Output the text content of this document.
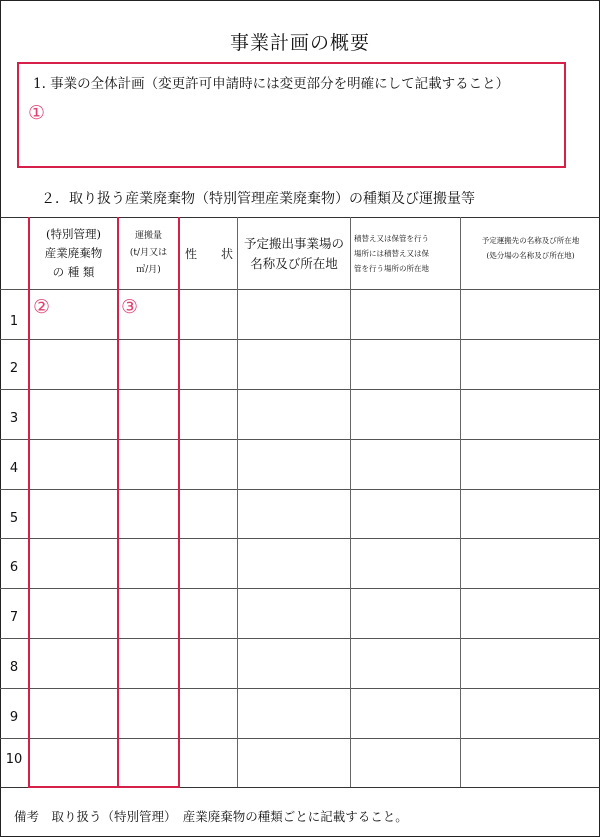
事業計画の概要
1. 事業の全体計画（変更許可申請時には変更部分を明確にして記載すること）
①
２．取り扱う産業廃棄物（特別管理産業廃棄物）の種類及び運搬量等
(特別管理)
産業廃棄物
の 種 類
運搬量
(t/月又は
㎥/月)
性　　状
予定搬出事業場の
名称及び所在地
積替え又は保管を行う
場所には積替え又は保
管を行う場所の所在地
予定運搬先の名称及び所在地
(処分場の名称及び所在地)
1
2
3
4
5
6
7
8
9
10
②	③
備考　取り扱う（特別管理）　産業廃棄物の種類ごとに記載すること。
